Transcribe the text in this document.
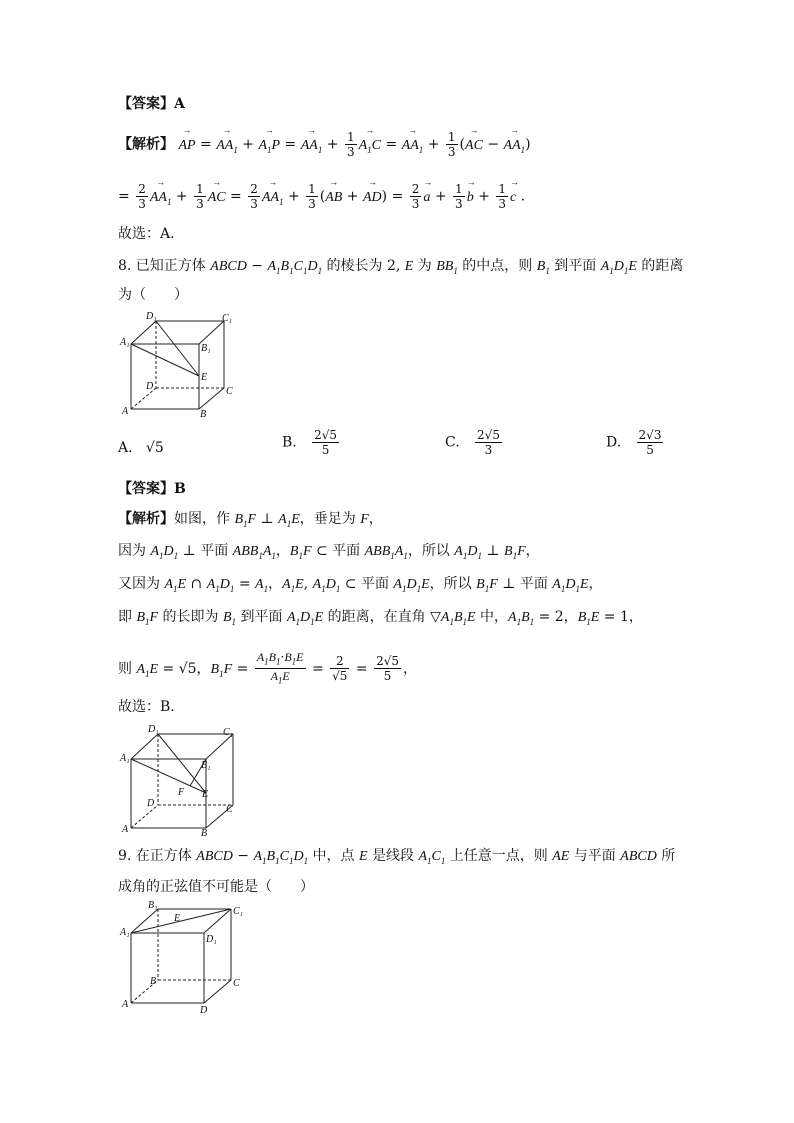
【答案】A
【解析】 → AP = → $AA_1$ + → $A_1P$ = → $AA_1 + \frac{1}{3}$
→ $A_1C$ = → $AA_1 + \frac{1}{3}$ (→ AC − → $AA_1$)
= $\frac{2}{3}$
→ $AA_1 + \frac{1}{3}$
→ AC = $\frac{2}{3}$
→ $AA_1 + \frac{1}{3}$ (→ AB + → $AD) = \frac{2}{3}$
→ $a + \frac{1}{3}$
→ $b + \frac{1}{3}$
→ c .
故选：A.
8. 已知正方体 ABCD − $A_1B_1C_1D_1$ 的棱长为 2, E 为 $BB_1$ 的中点，则 $B_1$ 到平面 $A_1D_1E$ 的距离
为（　　）
D₁	C₁
A₁
B₁
E
D	C
A	B
A. √5	B. $\frac{2√5}{5}$	C. $\frac{2√5}{3}$	D. $\frac{2√3}{5}$
【答案】B
【解析】如图，作 $B_1F$ ⊥ $A_1E$，垂足为 F，
因为 $A_1D_1$ ⊥ 平面 $ABB_1A_1$，$B_1F$ ⊂ 平面 $ABB_1A_1$，所以 $A_1D_1$ ⊥ $B_1F$，
又因为 $A_1E$ ∩ $A_1D_1 = A_1$，$A_1E$, $A_1D_1$ ⊂ 平面 $A_1D_1E$，所以 $B_1F$ ⊥ 平面 $A_1D_1E$，
即 $B_1F$ 的长即为 $B_1$ 到平面 $A_1D_1E$ 的距离，在直角 $▽A_1B_1E$ 中，$A_1B_1 = 2$，$B_1E = 1$，
则 $A_1E = √5$，$B_1F = \frac{A_1B_1\cdot B_1E}{A_1E} = \frac{2}{√5} = \frac{2√5}{5}$ ，
故选：B.
D₁	C₁
A₁
B₁
F E
D
C
A	B
9. 在正方体 ABCD − $A_1B_1C_1D_1$ 中，点 E 是线段 $A_1C_1$ 上任意一点，则 AE 与平面 ABCD 所
成角的正弦值不可能是（　　）
B₁
C₁
A₁
E
D₁
B	C
A
D
